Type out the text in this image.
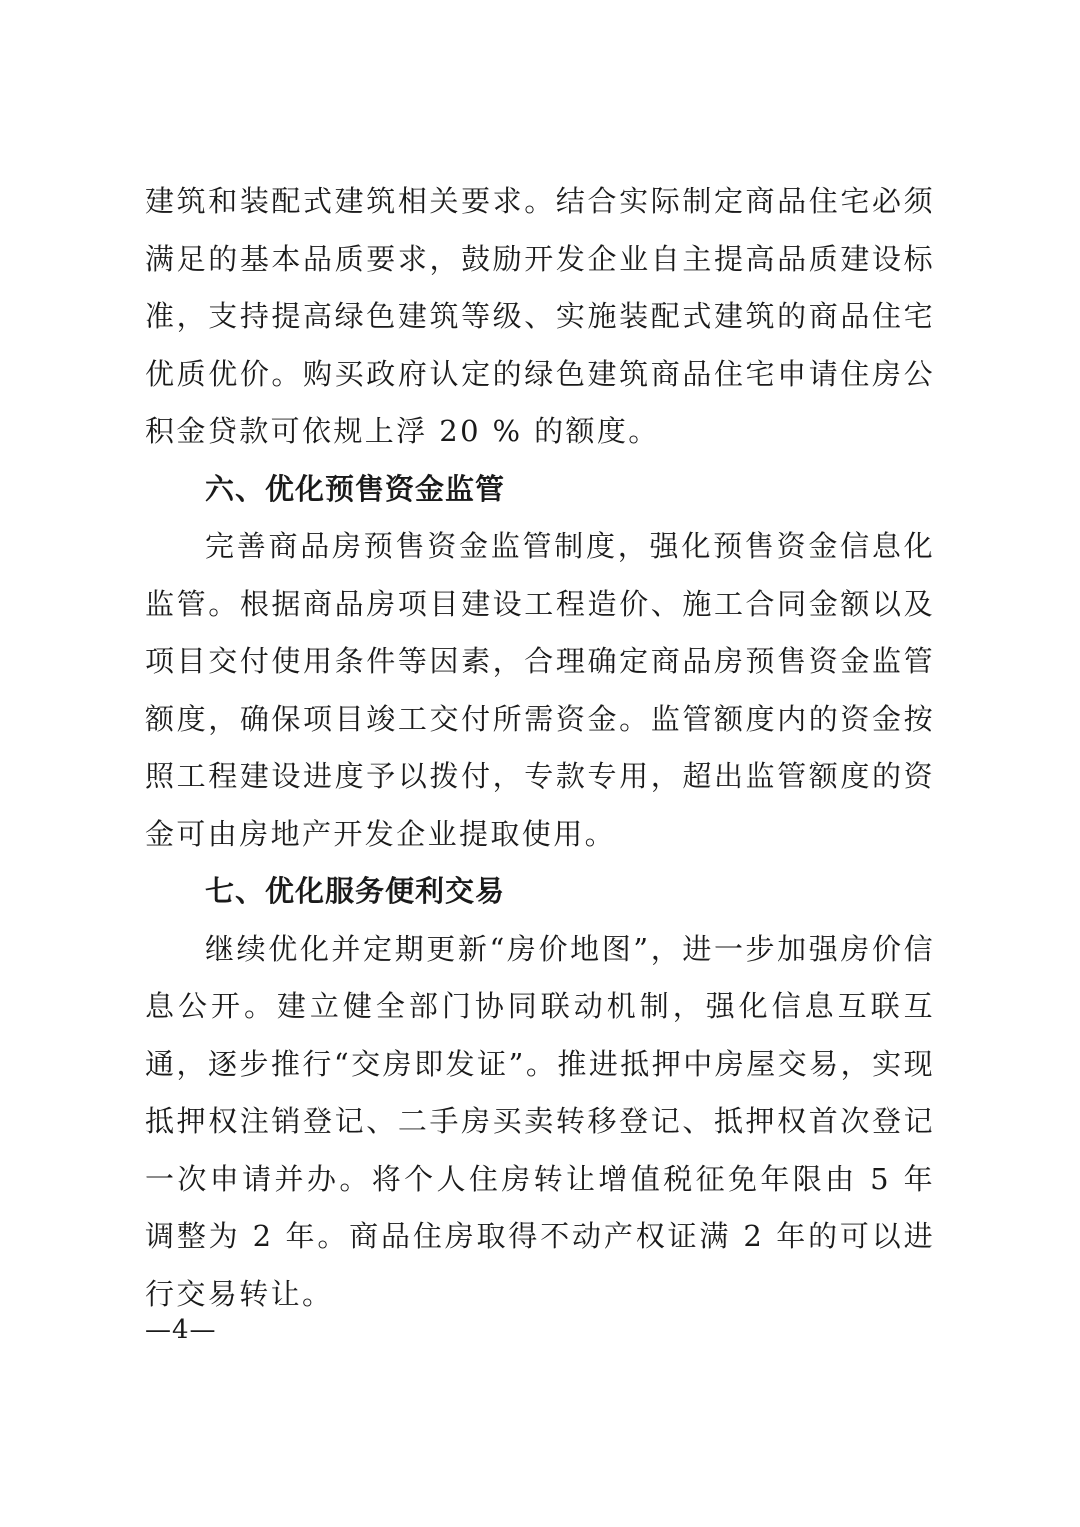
建筑和装配式建筑相关要求。结合实际制定商品住宅必须满足的基本品质要求，鼓励开发企业自主提高品质建设标准，支持提高绿色建筑等级、实施装配式建筑的商品住宅优质优价。购买政府认定的绿色建筑商品住宅申请住房公积金贷款可依规上浮 20 % 的额度。

六、优化预售资金监管

完善商品房预售资金监管制度，强化预售资金信息化监管。根据商品房项目建设工程造价、施工合同金额以及项目交付使用条件等因素，合理确定商品房预售资金监管额度，确保项目竣工交付所需资金。监管额度内的资金按照工程建设进度予以拨付，专款专用，超出监管额度的资金可由房地产开发企业提取使用。

七、优化服务便利交易

继续优化并定期更新“房价地图”，进一步加强房价信息公开。建立健全部门协同联动机制，强化信息互联互通，逐步推行“交房即发证”。推进抵押中房屋交易，实现抵押权注销登记、二手房买卖转移登记、抵押权首次登记一次申请并办。将个人住房转让增值税征免年限由 5 年调整为 2 年。商品住房取得不动产权证满 2 年的可以进行交易转让。

—4—
